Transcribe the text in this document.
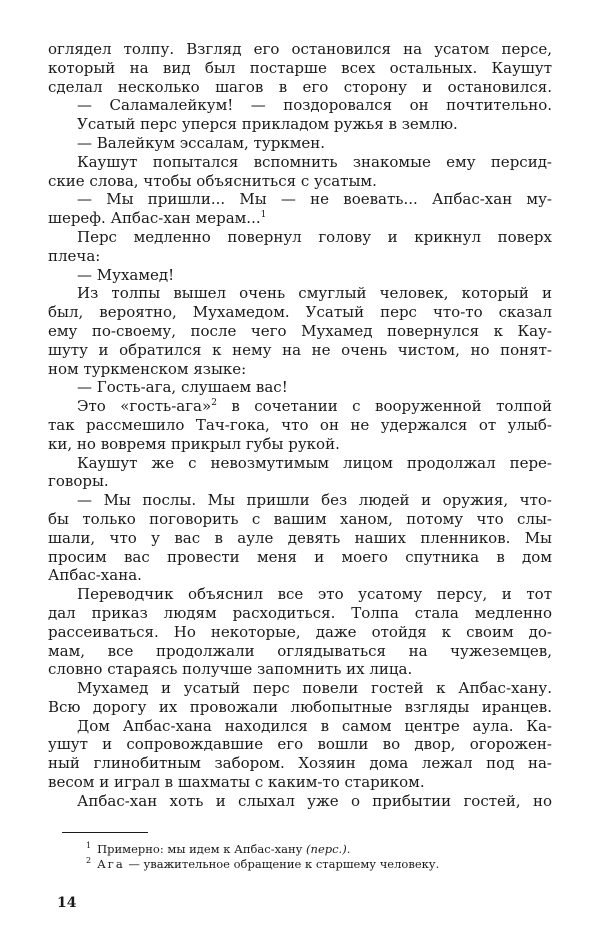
оглядел толпу. Взгляд его остановился на усатом персе,
который на вид был постарше всех остальных. Каушут
сделал несколько шагов в его сторону и остановился.
— Саламалейкум! — поздоровался он почтительно.
Усатый перс уперся прикладом ружья в землю.
— Валейкум эссалам, туркмен.
Каушут попытался вспомнить знакомые ему персид-
ские слова, чтобы объясниться с усатым.
— Мы пришли... Мы — не воевать... Апбас-хан му-
шереф. Апбас-хан мерам...$^1$
Перс медленно повернул голову и крикнул поверх
плеча:
— Мухамед!
Из толпы вышел очень смуглый человек, который и
был, вероятно, Мухамедом. Усатый перс что-то сказал
ему по-своему, после чего Мухамед повернулся к Кау-
шуту и обратился к нему на не очень чистом, но понят-
ном туркменском языке:
— Гость-ага, слушаем вас!
Это «гость-ага»$^2$ в сочетании с вооруженной толпой
так рассмешило Тач-гока, что он не удержался от улыб-
ки, но вовремя прикрыл губы рукой.
Каушут же с невозмутимым лицом продолжал пере-
говоры.
— Мы послы. Мы пришли без людей и оружия, что-
бы только поговорить с вашим ханом, потому что слы-
шали, что у вас в ауле девять наших пленников. Мы
просим вас провести меня и моего спутника в дом
Апбас-хана.
Переводчик объяснил все это усатому персу, и тот
дал приказ людям расходиться. Толпа стала медленно
рассеиваться. Но некоторые, даже отойдя к своим до-
мам, все продолжали оглядываться на чужеземцев,
словно стараясь получше запомнить их лица.
Мухамед и усатый перс повели гостей к Апбас-хану.
Всю дорогу их провожали любопытные взгляды иранцев.
Дом Апбас-хана находился в самом центре аула. Ка-
ушут и сопровождавшие его вошли во двор, огорожен-
ный глинобитным забором. Хозяин дома лежал под на-
весом и играл в шахматы с каким-то стариком.
Апбас-хан хоть и слыхал уже о прибытии гостей, но
$^1$ Примерно: мы идем к Апбас-хану (перс.).
$^2$ Ага — уважительное обращение к старшему человеку.
14
